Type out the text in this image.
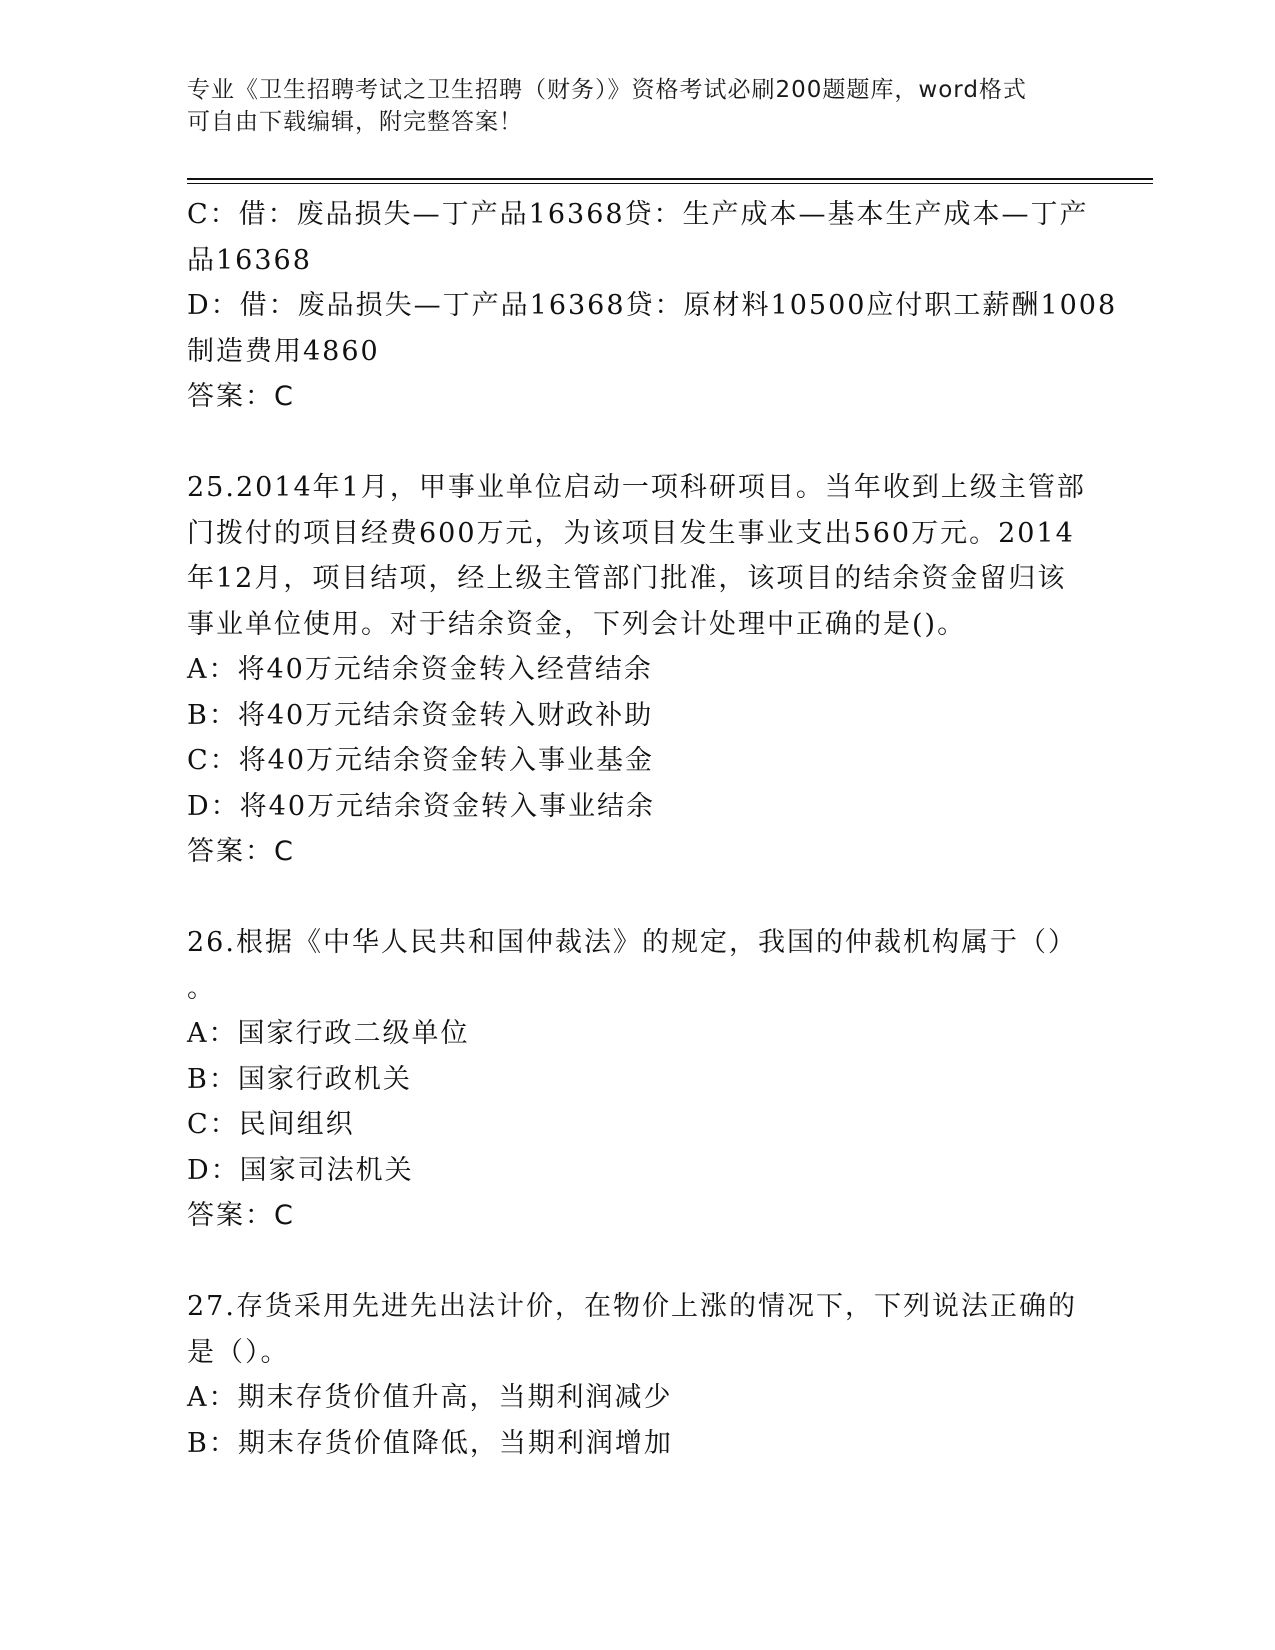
专业《卫生招聘考试之卫生招聘（财务）》资格考试必刷200题题库，word格式
可自由下载编辑，附完整答案！
C：借：废品损失—丁产品16368贷：生产成本—基本生产成本—丁产
品16368
D：借：废品损失—丁产品16368贷：原材料10500应付职工薪酬1008
制造费用4860
答案：C
25.2014年1月，甲事业单位启动一项科研项目。当年收到上级主管部
门拨付的项目经费600万元，为该项目发生事业支出560万元。2014
年12月，项目结项，经上级主管部门批准，该项目的结余资金留归该
事业单位使用。对于结余资金，下列会计处理中正确的是()。
A：将40万元结余资金转入经营结余
B：将40万元结余资金转入财政补助
C：将40万元结余资金转入事业基金
D：将40万元结余资金转入事业结余
答案：C
26.根据《中华人民共和国仲裁法》的规定，我国的仲裁机构属于（）
。
A：国家行政二级单位
B：国家行政机关
C：民间组织
D：国家司法机关
答案：C
27.存货采用先进先出法计价，在物价上涨的情况下，下列说法正确的
是（）。
A：期末存货价值升高，当期利润减少
B：期末存货价值降低，当期利润增加
